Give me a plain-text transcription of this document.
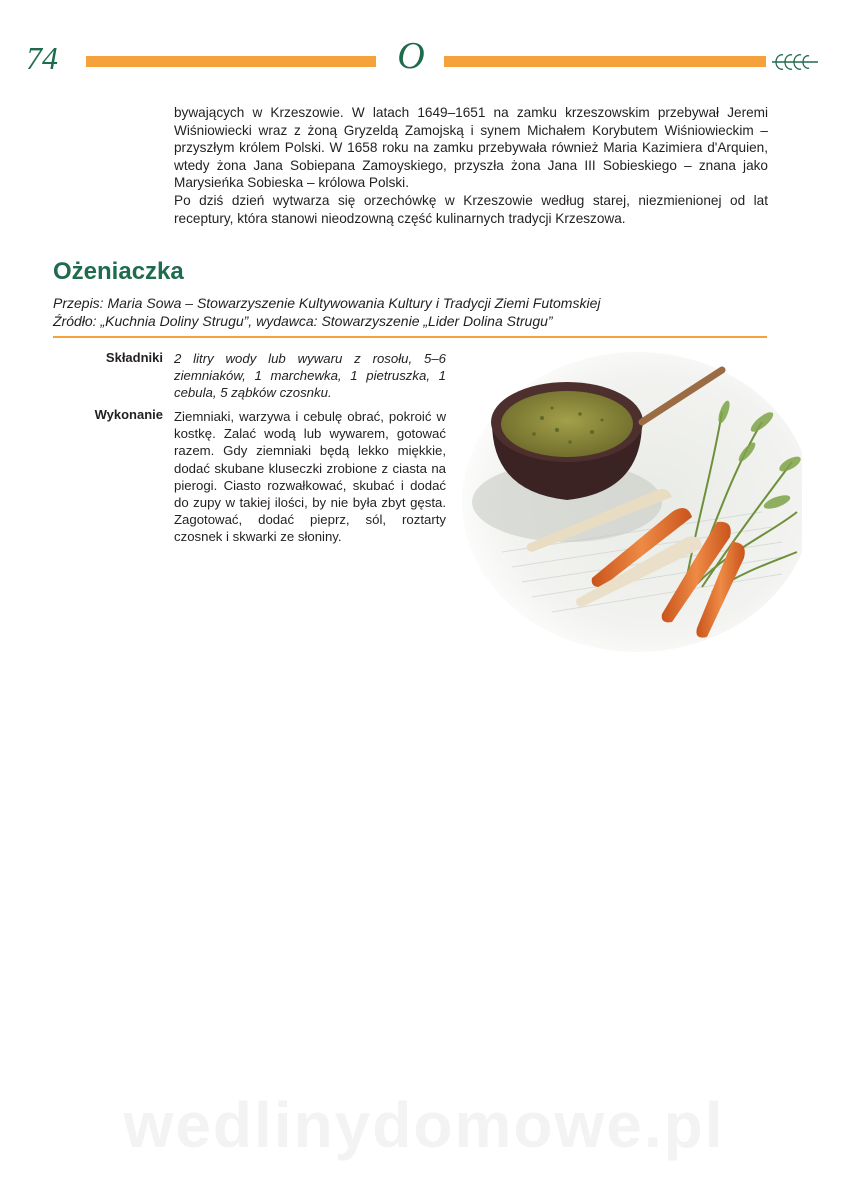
74	O

bywających w Krzeszowie. W latach 1649–1651 na zamku krzeszowskim przebywał Jeremi Wiśniowiecki wraz z żoną Gryzeldą Zamojską i synem Michałem Korybutem Wiśniowieckim – przyszłym królem Polski. W 1658 roku na zamku przebywała również Maria Kazimiera d'Arquien, wtedy żona Jana Sobiepana Zamoyskiego, przyszła żona Jana III Sobieskiego – znana jako Marysieńka Sobieska – królowa Polski.

Po dziś dzień wytwarza się orzechówkę w Krzeszowie według starej, niezmienionej od lat receptury, która stanowi nieodzowną część kulinarnych tradycji Krzeszowa.

Ożeniaczka
Przepis: Maria Sowa – Stowarzyszenie Kultywowania Kultury i Tradycji Ziemi Futomskiej
Źródło: „Kuchnia Doliny Strugu”, wydawca: Stowarzyszenie „Lider Dolina Strugu”
Składniki 2 litry wody lub wywaru z rosołu, 5–6 ziemniaków, 1 marchewka, 1 pietruszka, 1 cebula, 5 ząbków czosnku.
Wykonanie Ziemniaki, warzywa i cebulę obrać, pokroić w kostkę. Zalać wodą lub wywarem, gotować razem. Gdy ziemniaki będą lekko miękkie, dodać skubane kluseczki zrobione z ciasta na pierogi. Ciasto rozwałkować, skubać i dodać do zupy w takiej ilości, by nie była zbyt gęsta. Zagotować, dodać pieprz, sól, roztarty czosnek i skwarki ze słoniny.
wedlinydomowe.pl
